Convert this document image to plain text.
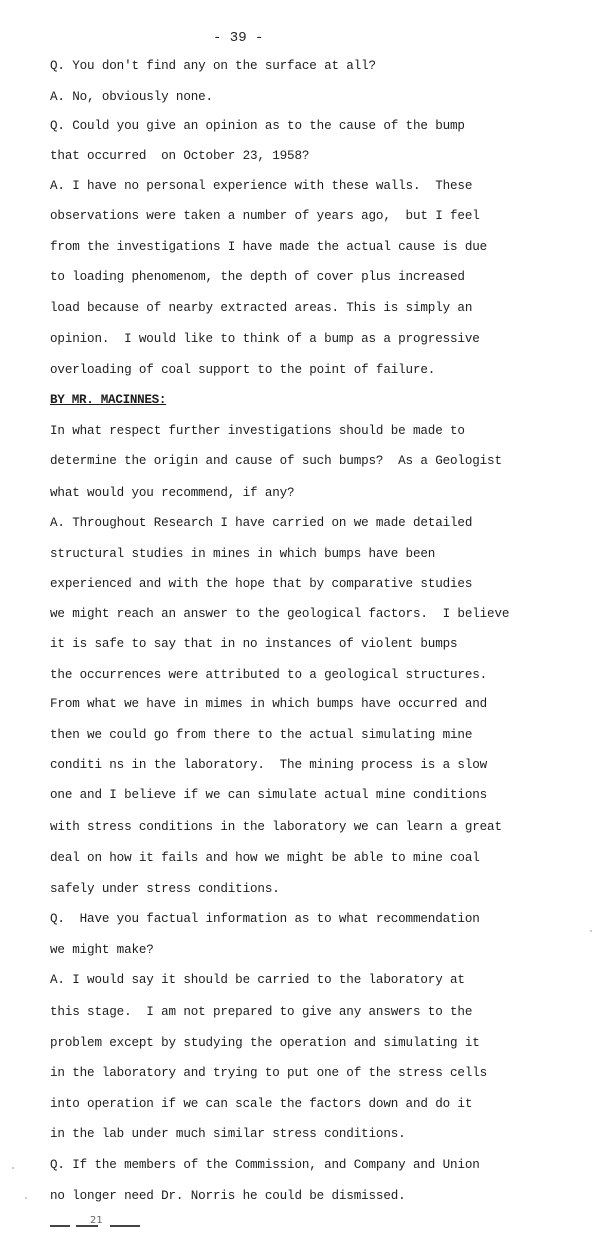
- 39 -
Q. You don't find any on the surface at all?
A. No, obviously none.
Q. Could you give an opinion as to the cause of the bump
that occurred  on October 23, 1958?
A. I have no personal experience with these walls.  These
observations were taken a number of years ago,  but I feel
from the investigations I have made the actual cause is due
to loading phenomenom, the depth of cover plus increased
load because of nearby extracted areas. This is simply an
opinion.  I would like to think of a bump as a progressive
overloading of coal support to the point of failure.
BY MR. MACINNES:
In what respect further investigations should be made to
determine the origin and cause of such bumps?  As a Geologist
what would you recommend, if any?
A. Throughout Research I have carried on we made detailed
structural studies in mines in which bumps have been
experienced and with the hope that by comparative studies
we might reach an answer to the geological factors.  I believe
it is safe to say that in no instances of violent bumps
the occurrences were attributed to a geological structures.
From what we have in mimes in which bumps have occurred and
then we could go from there to the actual simulating mine
conditi ns in the laboratory.  The mining process is a slow
one and I believe if we can simulate actual mine conditions
with stress conditions in the laboratory we can learn a great
deal on how it fails and how we might be able to mine coal
safely under stress conditions.
Q.  Have you factual information as to what recommendation
we might make?
A. I would say it should be carried to the laboratory at
this stage.  I am not prepared to give any answers to the
problem except by studying the operation and simulating it
in the laboratory and trying to put one of the stress cells
into operation if we can scale the factors down and do it
in the lab under much similar stress conditions.
Q. If the members of the Commission, and Company and Union
no longer need Dr. Norris he could be dismissed.
21
